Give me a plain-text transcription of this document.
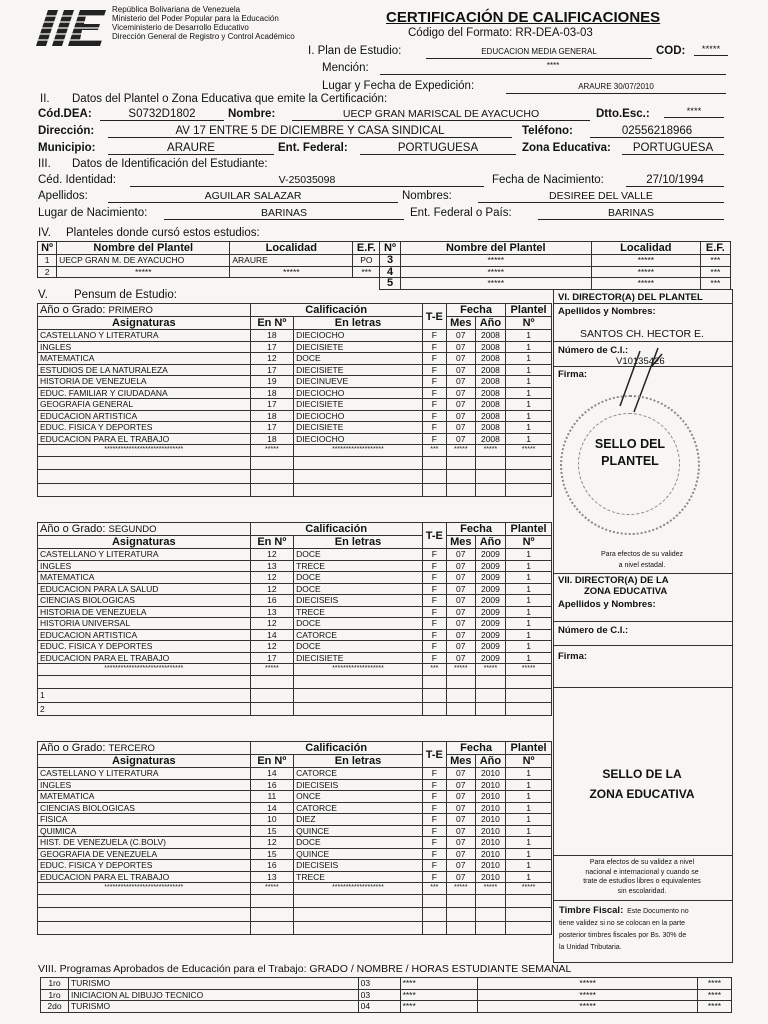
República Bolivariana de Venezuela
Ministerio del Poder Popular para la Educación
Viceministerio de Desarrollo Educativo
Dirección General de Registro y Control Académico
CERTIFICACIÓN DE CALIFICACIONES
Código del Formato: RR-DEA-03-03
I. Plan de Estudio:	EDUCACION MEDIA GENERAL	COD:	*****
Mención:	****
Lugar y Fecha de Expedición:	ARAURE 30/07/2010
II. Datos del Plantel o Zona Educativa que emite la Certificación:
Cód.DEA:	S0732D1802	Nombre:	UECP GRAN MARISCAL DE AYACUCHO	Dtto.Esc.:	****
Dirección:	AV 17 ENTRE 5 DE DICIEMBRE Y CASA SINDICAL	Teléfono:	02556218966
Municipio:	ARAURE	Ent. Federal:	PORTUGUESA	Zona Educativa:	PORTUGUESA
III. Datos de Identificación del Estudiante:
Céd. Identidad:	V-25035098	Fecha de Nacimiento:	27/10/1994
Apellidos:	AGUILAR SALAZAR	Nombres:	DESIREE DEL VALLE
Lugar de Nacimiento:	BARINAS	Ent. Federal o País:	BARINAS
IV. Planteles donde cursó estos estudios:
Nº	Nombre del Plantel	Localidad	E.F.	Nº	Nombre del Plantel	Localidad	E.F.
1	UECP GRAN M. DE AYACUCHO	ARAURE	PO	3	*****	*****	***
2	*****	*****	***	4	*****	*****	***
				5	*****	*****	***
V. Pensum de Estudio:
Año o Grado: PRIMERO	Calificación		T-E	Fecha		Plantel
Asignaturas	En Nº	En letras		Mes	Año	Nº
CASTELLANO Y LITERATURA	18	DIECIOCHO	F	07	2008	1
INGLES	17	DIECISIETE	F	07	2008	1
MATEMATICA	12	DOCE	F	07	2008	1
ESTUDIOS DE LA NATURALEZA	17	DIECISIETE	F	07	2008	1
HISTORIA DE VENEZUELA	19	DIECINUEVE	F	07	2008	1
EDUC. FAMILIAR Y CIUDADANA	18	DIECIOCHO	F	07	2008	1
GEOGRAFIA GENERAL	17	DIECISIETE	F	07	2008	1
EDUCACION ARTISTICA	18	DIECIOCHO	F	07	2008	1
EDUC. FISICA Y DEPORTES	17	DIECISIETE	F	07	2008	1
EDUCACION PARA EL TRABAJO	18	DIECIOCHO	F	07	2008	1
*****************************	*****	*******************	***	*****	*****	*****

Año o Grado: SEGUNDO	Calificación		T-E	Fecha		Plantel
Asignaturas	En Nº	En letras		Mes	Año	Nº
CASTELLANO Y LITERATURA	12	DOCE	F	07	2009	1
INGLES	13	TRECE	F	07	2009	1
MATEMATICA	12	DOCE	F	07	2009	1
EDUCACION PARA LA SALUD	12	DOCE	F	07	2009	1
CIENCIAS BIOLOGICAS	16	DIECISEIS	F	07	2009	1
HISTORIA DE VENEZUELA	13	TRECE	F	07	2009	1
HISTORIA UNIVERSAL	12	DOCE	F	07	2009	1
EDUCACION ARTISTICA	14	CATORCE	F	07	2009	1
EDUC. FISICA Y DEPORTES	12	DOCE	F	07	2009	1
EDUCACION PARA EL TRABAJO	17	DIECISIETE	F	07	2009	1
*****************************	*****	*******************	***	*****	*****	*****

1						
2						
Año o Grado: TERCERO	Calificación		T-E	Fecha		Plantel
Asignaturas	En Nº	En letras		Mes	Año	Nº
CASTELLANO Y LITERATURA	14	CATORCE	F	07	2010	1
INGLES	16	DIECISEIS	F	07	2010	1
MATEMATICA	11	ONCE	F	07	2010	1
CIENCIAS BIOLOGICAS	14	CATORCE	F	07	2010	1
FISICA	10	DIEZ	F	07	2010	1
QUIMICA	15	QUINCE	F	07	2010	1
HIST. DE VENEZUELA (C.BOLV)	12	DOCE	F	07	2010	1
GEOGRAFIA DE VENEZUELA	15	QUINCE	F	07	2010	1
EDUC. FISICA Y DEPORTES	16	DIECISEIS	F	07	2010	1
EDUCACION PARA EL TRABAJO	13	TRECE	F	07	2010	1
*****************************	*****	*******************	***	*****	*****	*****

VI. DIRECTOR(A) DEL PLANTEL
Apellidos y Nombres:
SANTOS CH. HECTOR E.
Número de C.I.:
V10135426
Firma:
SELLO DEL
PLANTEL
Para efectos de su validez
a nivel estadal.
VII. DIRECTOR(A) DE LA
ZONA EDUCATIVA
Apellidos y Nombres:
Número de C.I.:
Firma:
SELLO DE LA
ZONA EDUCATIVA
Para efectos de su validez a nivel
nacional e internacional y cuando se
trate de estudios libres o equivalentes
sin escolaridad.
Timbre Fiscal: Este Documento no
tiene validez si no se colocan en la parte
posterior timbres fiscales por Bs. 30% de
la Unidad Tributaria.
VIII. Programas Aprobados de Educación para el Trabajo: GRADO / NOMBRE / HORAS ESTUDIANTE SEMANAL
1ro	TURISMO	03	****	*****	****
1ro	INICIACION AL DIBUJO TECNICO	03	****	*****	****
2do	TURISMO	04	****	*****	****
